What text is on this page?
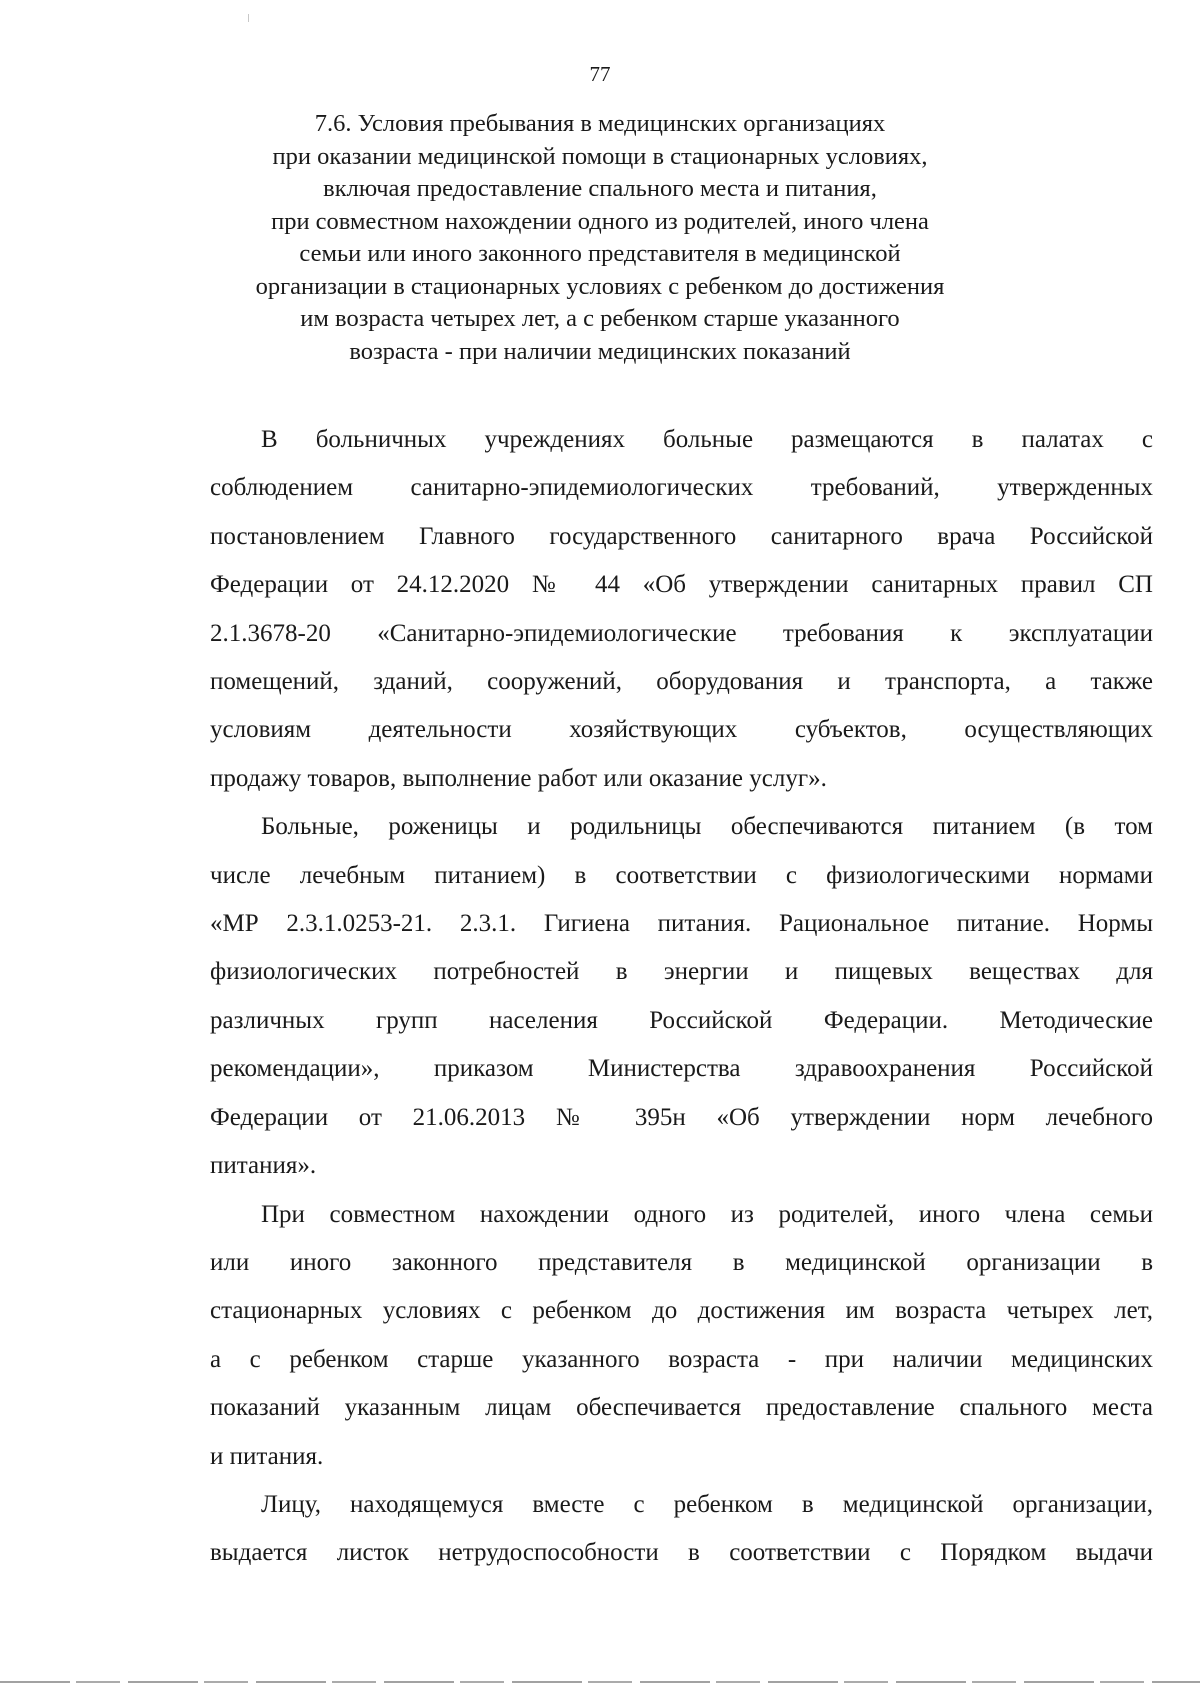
77
7.6. Условия пребывания в медицинских организациях
при оказании медицинской помощи в стационарных условиях,
включая предоставление спального места и питания,
при совместном нахождении одного из родителей, иного члена
семьи или иного законного представителя в медицинской
организации в стационарных условиях с ребенком до достижения
им возраста четырех лет, а с ребенком старше указанного
возраста - при наличии медицинских показаний
В больничных учреждениях больные размещаются в палатах с
соблюдением санитарно-эпидемиологических требований, утвержденных
постановлением Главного государственного санитарного врача Российской
Федерации от 24.12.2020 № 44 «Об утверждении санитарных правил СП
2.1.3678-20 «Санитарно-эпидемиологические требования к эксплуатации
помещений, зданий, сооружений, оборудования и транспорта, а также
условиям деятельности хозяйствующих субъектов, осуществляющих
продажу товаров, выполнение работ или оказание услуг».
Больные, роженицы и родильницы обеспечиваются питанием (в том
числе лечебным питанием) в соответствии с физиологическими нормами
«МР 2.3.1.0253-21. 2.3.1. Гигиена питания. Рациональное питание. Нормы
физиологических потребностей в энергии и пищевых веществах для
различных групп населения Российской Федерации. Методические
рекомендации», приказом Министерства здравоохранения Российской
Федерации от 21.06.2013 № 395н «Об утверждении норм лечебного
питания».
При совместном нахождении одного из родителей, иного члена семьи
или иного законного представителя в медицинской организации в
стационарных условиях с ребенком до достижения им возраста четырех лет,
а с ребенком старше указанного возраста - при наличии медицинских
показаний указанным лицам обеспечивается предоставление спального места
и питания.
Лицу, находящемуся вместе с ребенком в медицинской организации,
выдается листок нетрудоспособности в соответствии с Порядком выдачи
